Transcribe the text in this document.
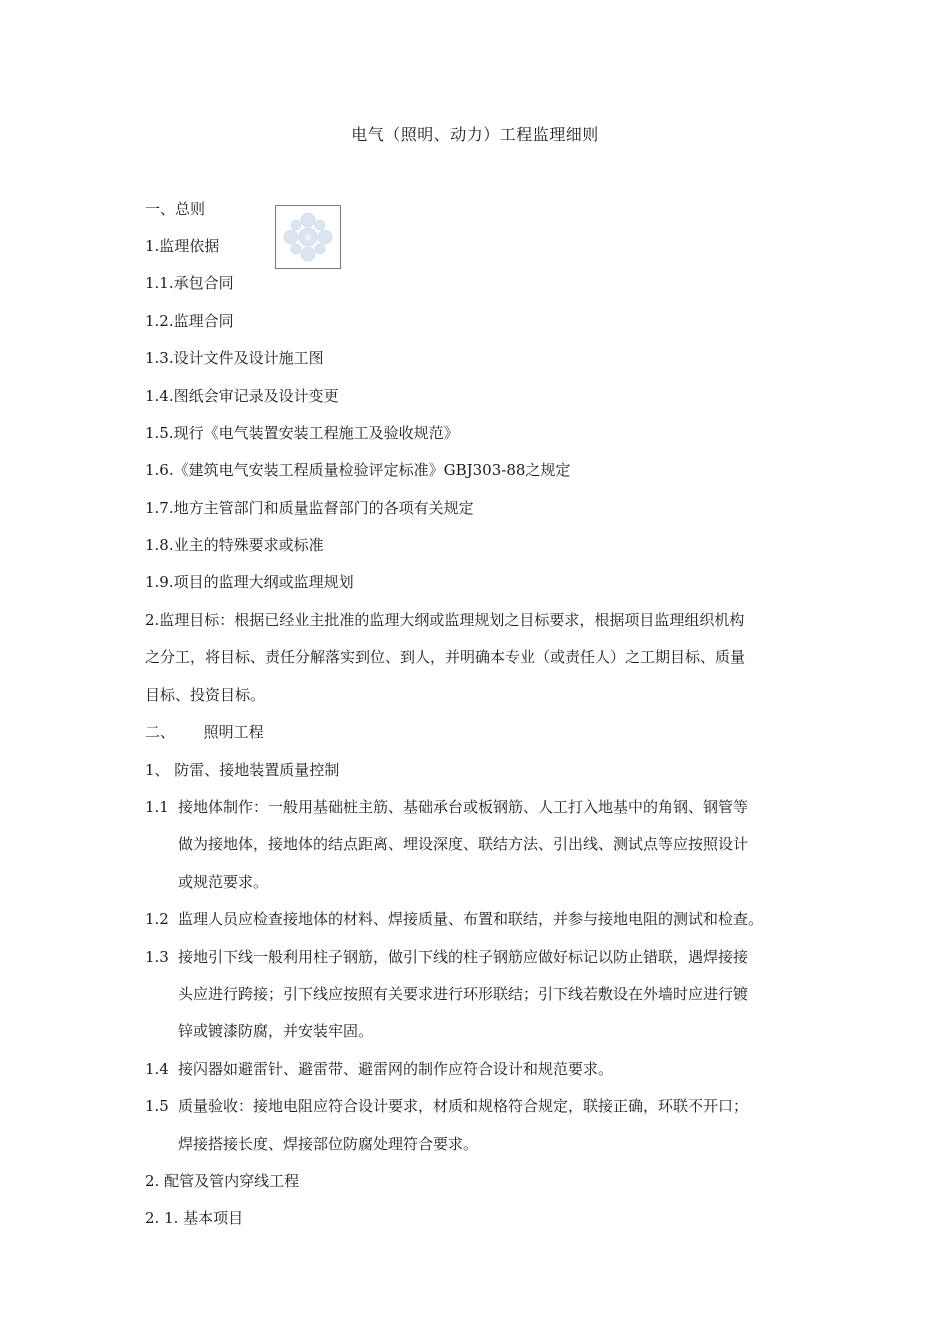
电气（照明、动力）工程监理细则
一、总则
1.监理依据
1.1.承包合同
1.2.监理合同
1.3.设计文件及设计施工图
1.4.图纸会审记录及设计变更
1.5.现行《电气装置安装工程施工及验收规范》
1.6.《建筑电气安装工程质量检验评定标准》GBJ303-88之规定
1.7.地方主管部门和质量监督部门的各项有关规定
1.8.业主的特殊要求或标准
1.9.项目的监理大纲或监理规划
2.监理目标：根据已经业主批准的监理大纲或监理规划之目标要求，根据项目监理组织机构
之分工，将目标、责任分解落实到位、到人，并明确本专业（或责任人）之工期目标、质量
目标、投资目标。
二、      照明工程
1、 防雷、接地装置质量控制
1.1 接地体制作：一般用基础桩主筋、基础承台或板钢筋、人工打入地基中的角钢、钢管等
做为接地体，接地体的结点距离、埋设深度、联结方法、引出线、测试点等应按照设计
或规范要求。
1.2 监理人员应检查接地体的材料、焊接质量、布置和联结，并参与接地电阻的测试和检查。
1.3 接地引下线一般利用柱子钢筋，做引下线的柱子钢筋应做好标记以防止错联，遇焊接接
头应进行跨接；引下线应按照有关要求进行环形联结；引下线若敷设在外墙时应进行镀
锌或镀漆防腐，并安装牢固。
1.4 接闪器如避雷针、避雷带、避雷网的制作应符合设计和规范要求。
1.5 质量验收：接地电阻应符合设计要求，材质和规格符合规定，联接正确，环联不开口；
焊接搭接长度、焊接部位防腐处理符合要求。
2. 配管及管内穿线工程
2. 1. 基本项目
